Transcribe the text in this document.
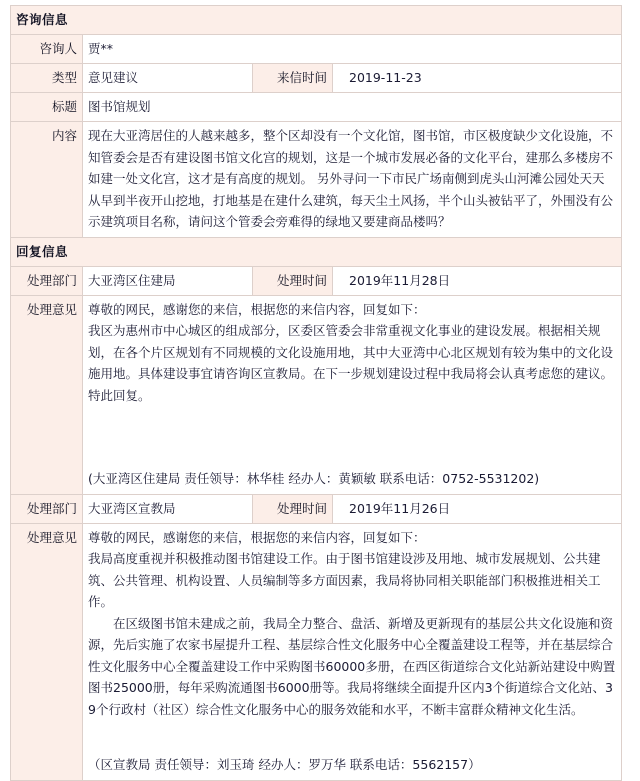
咨询信息			
咨询人	贾**		
类型	意见建议	来信时间	2019-11-23
标题	图书馆规划		
内容	现在大亚湾居住的人越来越多，整个区却没有一个文化馆，图书馆，市区极度缺少文化设施，不知管委会是否有建设图书馆文化宫的规划，这是一个城市发展必备的文化平台，建那么多楼房不如建一处文化宫，这才是有高度的规划。 另外寻问一下市民广场南侧到虎头山河滩公园处天天从早到半夜开山挖地，打地基是在建什么建筑，每天尘土风扬，半个山头被钻平了，外围没有公示建筑项目名称，请问这个管委会旁难得的绿地又要建商品楼吗？		

回复信息			
处理部门	大亚湾区住建局	处理时间	2019年11月28日
处理意见	尊敬的网民，感谢您的来信，根据您的来信内容，回复如下：

我区为惠州市中心城区的组成部分，区委区管委会非常重视文化事业的建设发展。根据相关规划，在各个片区规划有不同规模的文化设施用地，其中大亚湾中心北区规划有较为集中的文化设施用地。具体建设事宜请咨询区宣教局。在下一步规划建设过程中我局将会认真考虑您的建议。

特此回复。

(大亚湾区住建局 责任领导：林华桂 经办人：黄颖敏 联系电话：0752-5531202)		

处理部门	大亚湾区宣教局	处理时间	2019年11月26日
处理意见	尊敬的网民，感谢您的来信，根据您的来信内容，回复如下：

我局高度重视并积极推动图书馆建设工作。由于图书馆建设涉及用地、城市发展规划、公共建筑、公共管理、机构设置、人员编制等多方面因素，我局将协同相关职能部门积极推进相关工作。

在区级图书馆未建成之前，我局全力整合、盘活、新增及更新现有的基层公共文化设施和资源，先后实施了农家书屋提升工程、基层综合性文化服务中心全覆盖建设工程等，并在基层综合性文化服务中心全覆盖建设工作中采购图书60000多册，在西区街道综合文化站新站建设中购置图书25000册，每年采购流通图书6000册等。我局将继续全面提升区内3个街道综合文化站、39个行政村（社区）综合性文化服务中心的服务效能和水平，不断丰富群众精神文化生活。

（区宣教局 责任领导：刘玉琦 经办人：罗万华 联系电话：5562157）		
